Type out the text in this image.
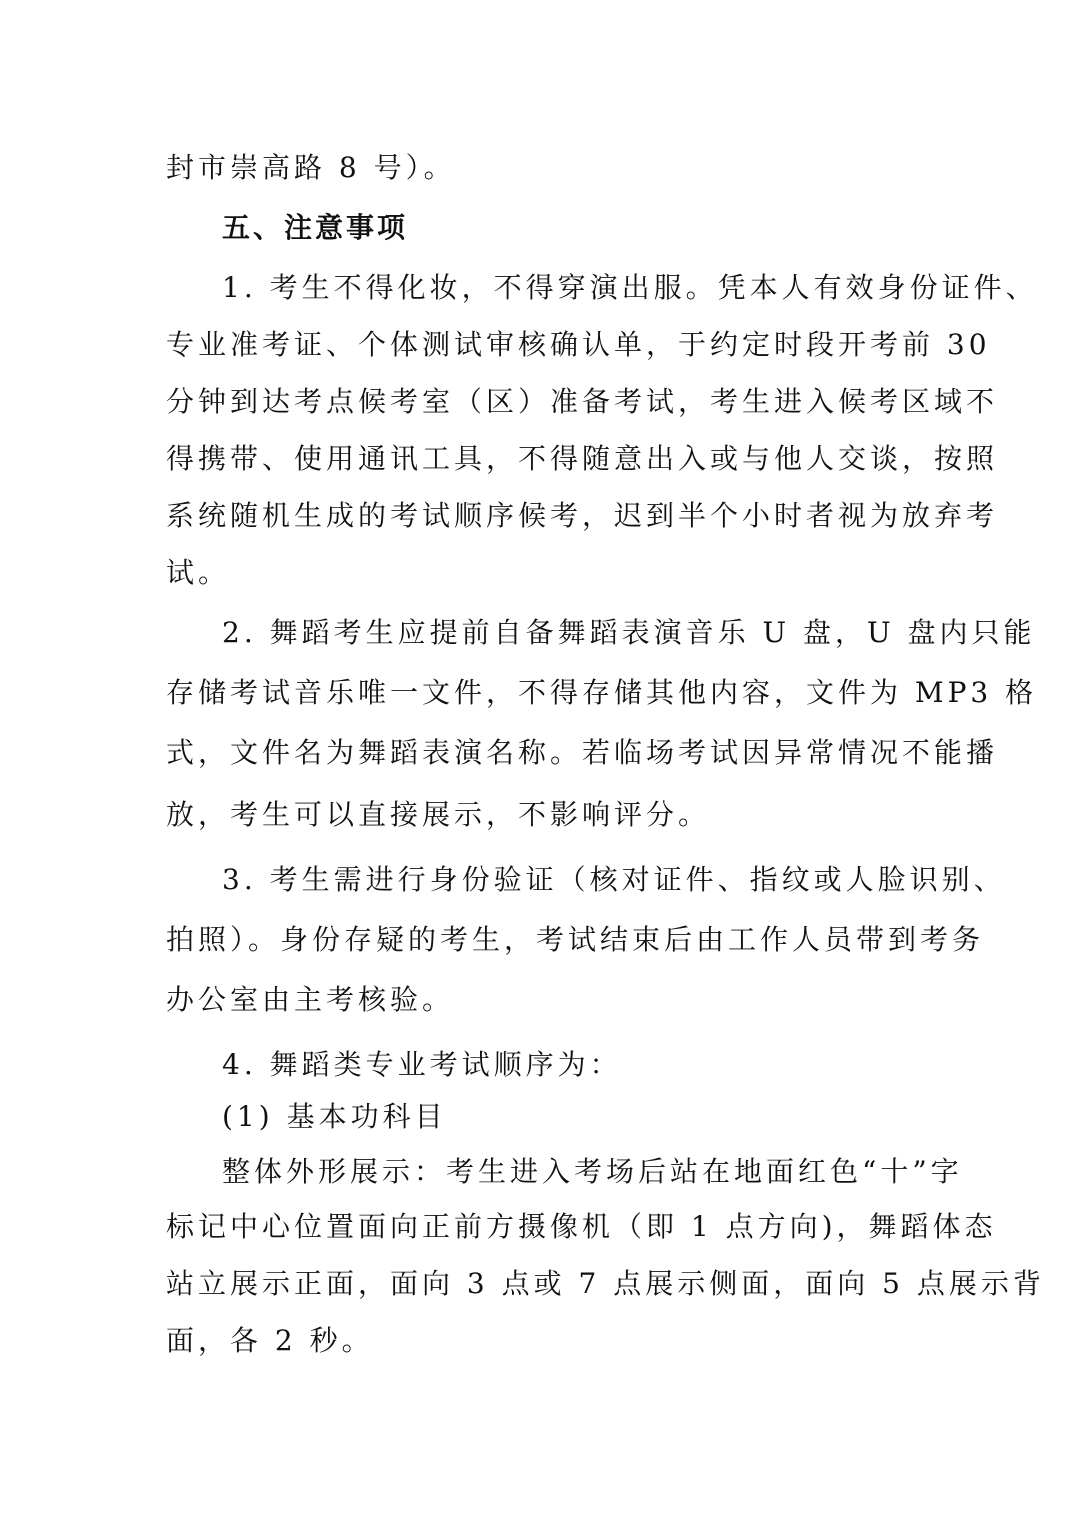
封市崇高路 8 号）。
五、注意事项
1. 考生不得化妆，不得穿演出服。凭本人有效身份证件、
专业准考证、个体测试审核确认单，于约定时段开考前 30
分钟到达考点候考室（区）准备考试，考生进入候考区域不
得携带、使用通讯工具，不得随意出入或与他人交谈，按照
系统随机生成的考试顺序候考，迟到半个小时者视为放弃考
试。
2. 舞蹈考生应提前自备舞蹈表演音乐 U 盘，U 盘内只能
存储考试音乐唯一文件，不得存储其他内容，文件为 MP3 格
式，文件名为舞蹈表演名称。若临场考试因异常情况不能播
放，考生可以直接展示，不影响评分。
3. 考生需进行身份验证（核对证件、指纹或人脸识别、
拍照）。身份存疑的考生，考试结束后由工作人员带到考务
办公室由主考核验。
4. 舞蹈类专业考试顺序为：
(1) 基本功科目
整体外形展示：考生进入考场后站在地面红色“十”字
标记中心位置面向正前方摄像机（即 1 点方向)，舞蹈体态
站立展示正面，面向 3 点或 7 点展示侧面，面向 5 点展示背
面，各 2 秒。
